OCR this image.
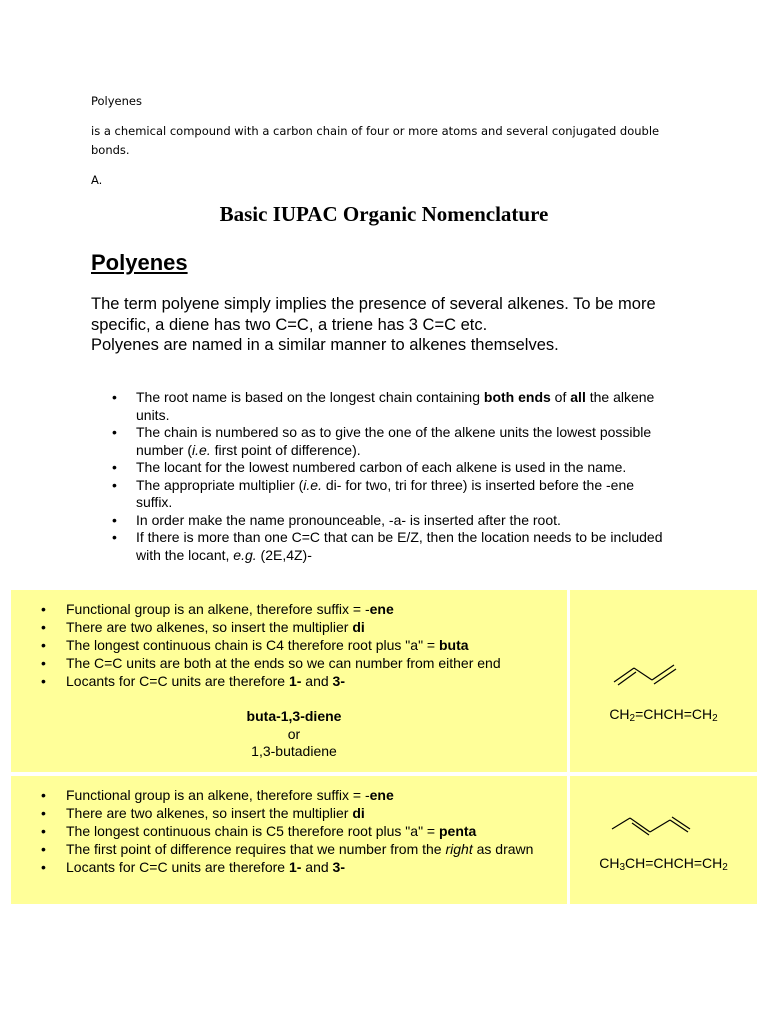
Polyenes
is a chemical compound with a carbon chain of four or more atoms and several conjugated double bonds.
A.
Basic IUPAC Organic Nomenclature
Polyenes

The term polyene simply implies the presence of several alkenes. To be more specific, a diene has two C=C, a triene has 3 C=C etc.

Polyenes are named in a similar manner to alkenes themselves.

• The root name is based on the longest chain containing both ends of all the alkene units.
• The chain is numbered so as to give the one of the alkene units the lowest possible number (i.e. first point of difference).
• The locant for the lowest numbered carbon of each alkene is used in the name.
• The appropriate multiplier (i.e. di- for two, tri for three) is inserted before the -ene suffix.
• In order make the name pronounceable, -a- is inserted after the root.
• If there is more than one C=C that can be E/Z, then the location needs to be included with the locant, e.g. (2E,4Z)-
• Functional group is an alkene, therefore suffix = -ene
• There are two alkenes, so insert the multiplier di
• The longest continuous chain is C4 therefore root plus "a" = buta
• The C=C units are both at the ends so we can number from either end
• Locants for C=C units are therefore 1- and 3-
buta-1,3-diene
or
1,3-butadiene
$CH_2=CHCH=CH_2$
• Functional group is an alkene, therefore suffix = -ene
• There are two alkenes, so insert the multiplier di
• The longest continuous chain is C5 therefore root plus "a" = penta
• The first point of difference requires that we number from the right as drawn
• Locants for C=C units are therefore 1- and 3-	$CH_3CH=CHCH=CH_2$
